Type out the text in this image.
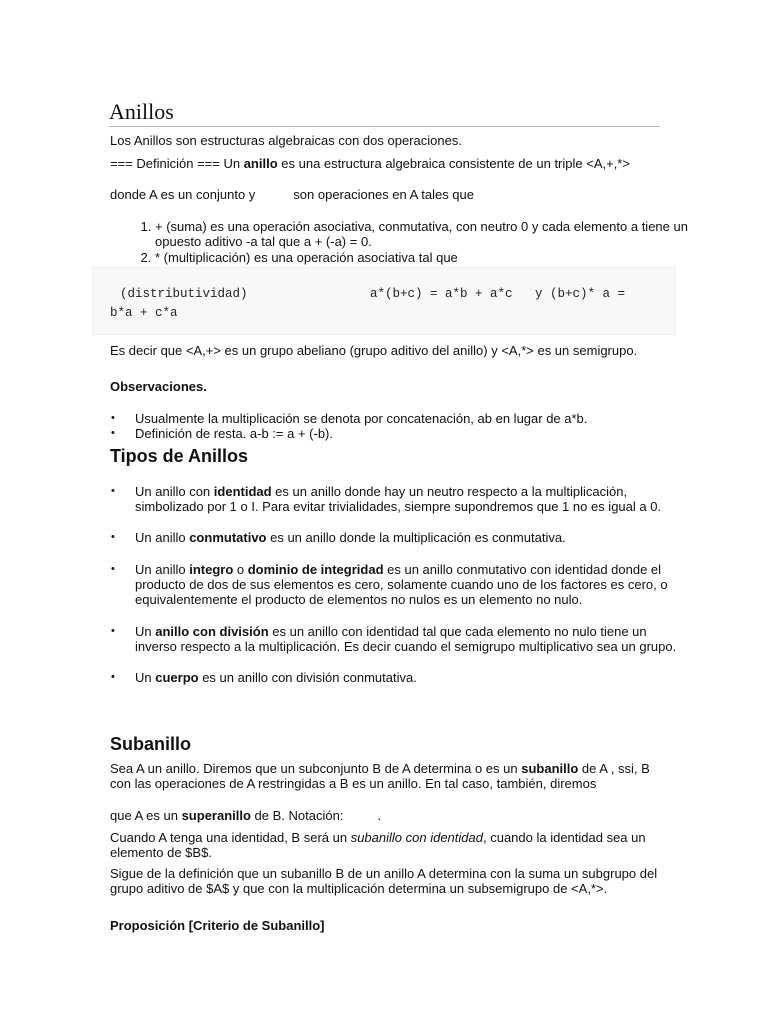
Anillos

Los Anillos son estructuras algebraicas con dos operaciones.

=== Definición === Un anillo es una estructura algebraica consistente de un triple <A,+,*>

donde A es un conjunto y	son operaciones en A tales que

1. + (suma) es una operación asociativa, conmutativa, con neutro 0 y cada elemento a tiene un opuesto aditivo -a tal que a + (-a) = 0.
2. * (multiplicación) es una operación asociativa tal que
(distributividad)	a*(b+c) = a*b + a*c   y (b+c)* a =
b*a + c*a

Es decir que <A,+> es un grupo abeliano (grupo aditivo del anillo) y <A,*> es un semigrupo.

Observaciones.

• Usualmente la multiplicación se denota por concatenación, ab en lugar de a*b.
• Definición de resta. a-b := a + (-b).
Tipos de Anillos
• Un anillo con identidad es un anillo donde hay un neutro respecto a la multiplicación, simbolizado por 1 o I. Para evitar trivialidades, siempre supondremos que 1 no es igual a 0.
• Un anillo conmutativo es un anillo donde la multiplicación es conmutativa.
• Un anillo integro o dominio de integridad es un anillo conmutativo con identidad donde el producto de dos de sus elementos es cero, solamente cuando uno de los factores es cero, o equivalentemente el producto de elementos no nulos es un elemento no nulo.
• Un anillo con división es un anillo con identidad tal que cada elemento no nulo tiene un inverso respecto a la multiplicación. Es decir cuando el semigrupo multiplicativo sea un grupo.
• Un cuerpo es un anillo con división conmutativa.
Subanillo

Sea A un anillo. Diremos que un subconjunto B de A determina o es un subanillo de A , ssi, B con las operaciones de A restringidas a B es un anillo. En tal caso, también, diremos

que A es un superanillo de B. Notación:	.

Cuando A tenga una identidad, B será un subanillo con identidad, cuando la identidad sea un elemento de $B$.

Sigue de la definición que un subanillo B de un anillo A determina con la suma un subgrupo del grupo aditivo de $A$ y que con la multiplicación determina un subsemigrupo de <A,*>.

Proposición [Criterio de Subanillo]
